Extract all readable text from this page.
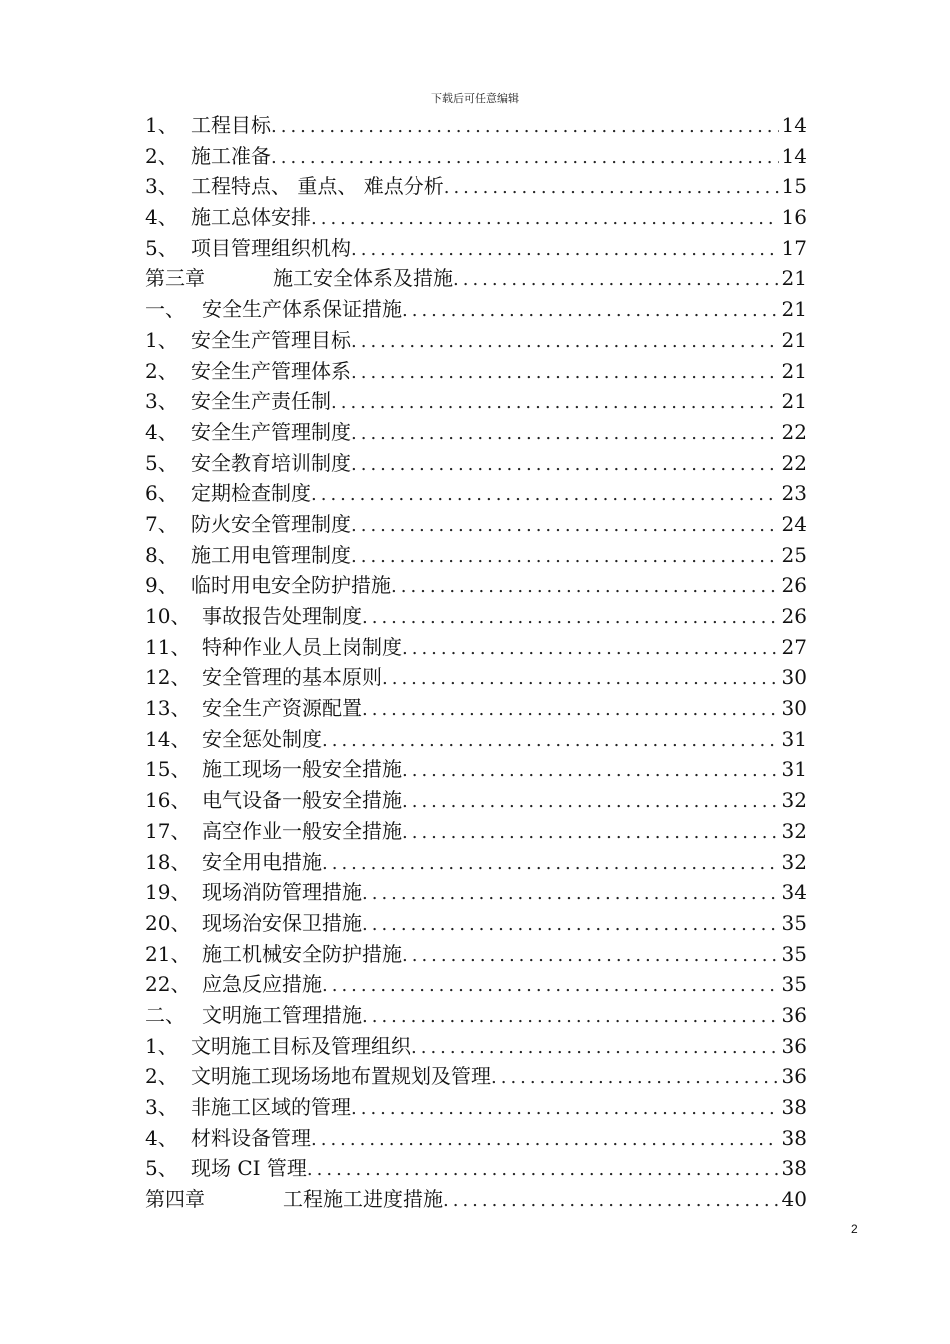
下载后可任意编辑
1、 工程目标 .....	14
2、 施工准备 .....	14
3、 工程特点、 重点、 难点分析 .....	15
4、 施工总体安排 .....	16
5、 项目管理组织机构 .....	17
第三章	施工安全体系及措施 .....	21
一、 安全生产体系保证措施 .....	21
1、 安全生产管理目标 .....	21
2、 安全生产管理体系 .....	21
3、 安全生产责任制 .....	21
4、 安全生产管理制度 .....	22
5、 安全教育培训制度 .....	22
6、 定期检查制度 .....	23
7、 防火安全管理制度 .....	24
8、 施工用电管理制度 .....	25
9、 临时用电安全防护措施 .....	26
10、 事故报告处理制度 .....	26
11、 特种作业人员上岗制度 .....	27
12、 安全管理的基本原则 .....	30
13、 安全生产资源配置 .....	30
14、 安全惩处制度 .....	31
15、 施工现场一般安全措施 .....	31
16、 电气设备一般安全措施 .....	32
17、 高空作业一般安全措施 .....	32
18、 安全用电措施 .....	32
19、 现场消防管理措施 .....	34
20、 现场治安保卫措施 .....	35
21、 施工机械安全防护措施 .....	35
22、 应急反应措施 .....	35
二、 文明施工管理措施 .....	36
1、 文明施工目标及管理组织 .....	36
2、 文明施工现场场地布置规划及管理 .....	36
3、 非施工区域的管理 .....	38
4、 材料设备管理 .....	38
5、 现场 CI 管理 .....	38
第四章	工程施工进度措施 .....	40
2
